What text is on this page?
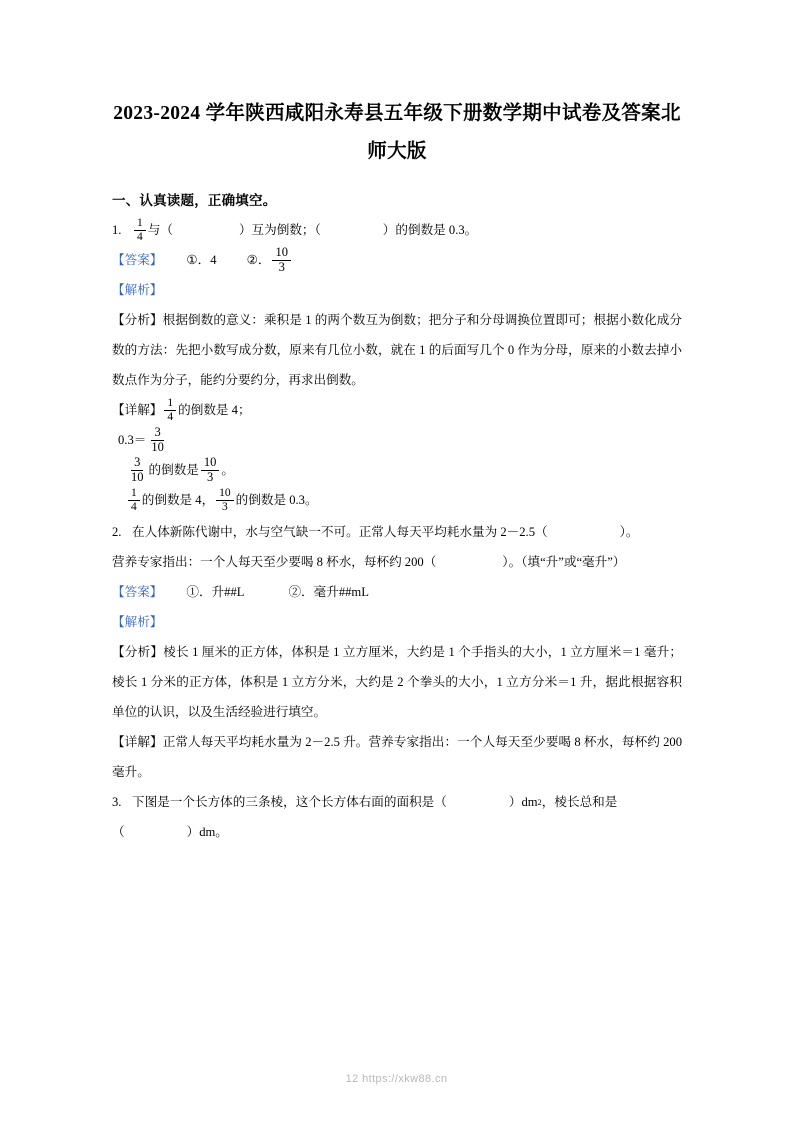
2023-2024 学年陕西咸阳永寿县五年级下册数学期中试卷及答案北师大版
一、认真读题，正确填空。
1.	$\frac{1}{4}$ 与（	）互为倒数；（	）的倒数是 0.3。
【答案】 ①．4 ②． $\frac{10}{3}$
【解析】
【分析】根据倒数的意义：乘积是 1 的两个数互为倒数；把分子和分母调换位置即可；根据小数化成分数的方法：先把小数写成分数，原来有几位小数，就在 1 的后面写几个 0 作为分母，原来的小数去掉小数点作为分子，能约分要约分，再求出倒数。
【详解】 $\frac{1}{4}$ 的倒数是 4；
$0.3= \frac{3}{10}$
$\frac{3}{10}$ 的倒数是 $\frac{10}{3}$ 。
$\frac{1}{4}$ 的倒数是 4， $\frac{10}{3}$ 的倒数是 0.3。
2. 在人体新陈代谢中，水与空气缺一不可。正常人每天平均耗水量为 2－2.5（	）。
营养专家指出：一个人每天至少要喝 8 杯水，每杯约 200（	）。（填“升”或“毫升”）
【答案】 ①．升##L	②．毫升##mL
【解析】
【分析】棱长 1 厘米的正方体，体积是 1 立方厘米，大约是 1 个手指头的大小，1 立方厘米＝1 毫升；棱长 1 分米的正方体，体积是 1 立方分米，大约是 2 个拳头的大小，1 立方分米＝1 升，据此根据容积单位的认识，以及生活经验进行填空。
【详解】正常人每天平均耗水量为 2－2.5 升。营养专家指出：一个人每天至少要喝 8 杯水，每杯约 200 毫升。
3. 下图是一个长方体的三条棱，这个长方体右面的面积是（	）dm 2 ，棱长总和是
（	）dm。
12 https://xkw88.cn
